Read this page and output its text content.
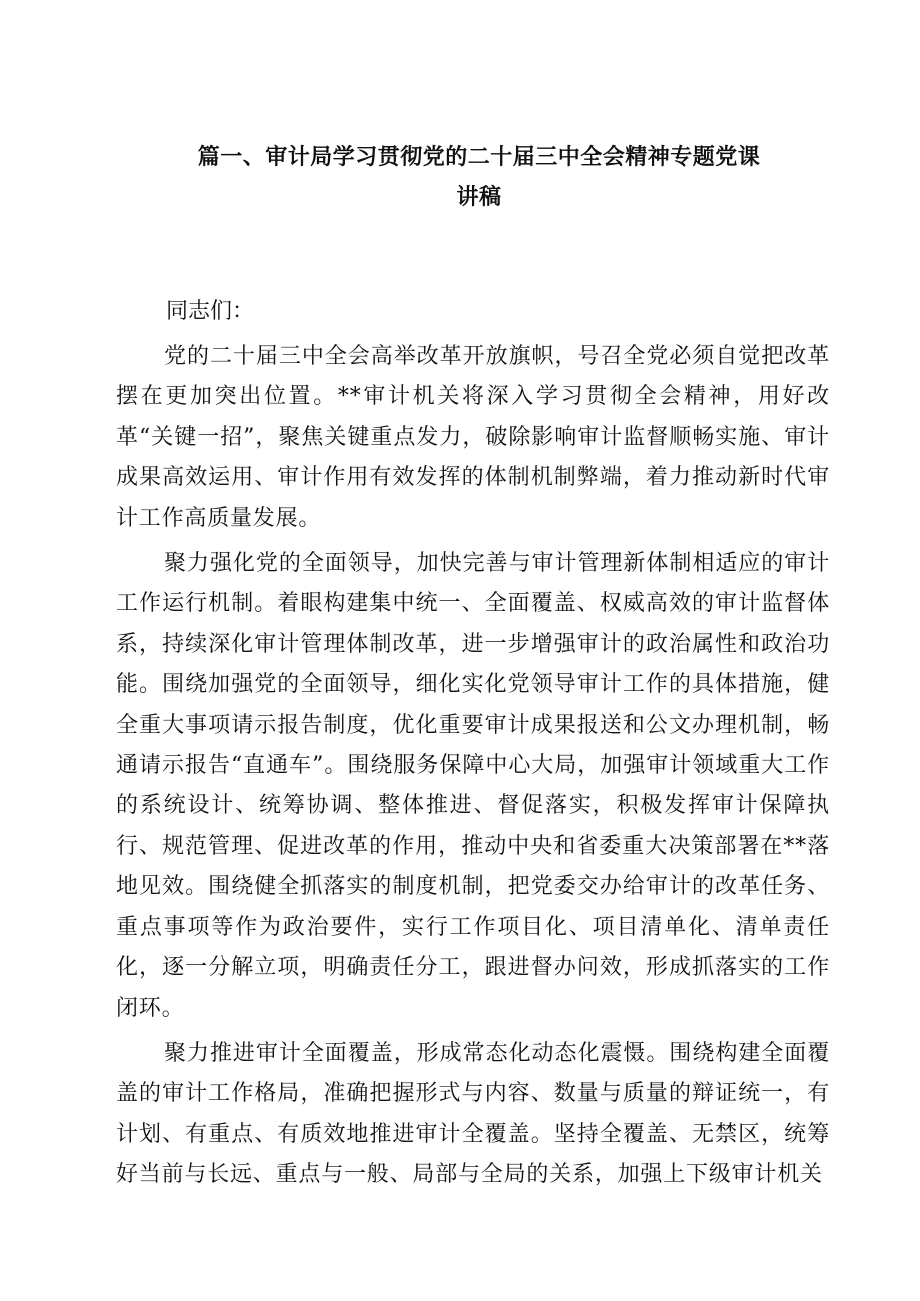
篇一、审计局学习贯彻党的二十届三中全会精神专题党课
讲稿

同志们：

党的二十届三中全会高举改革开放旗帜，号召全党必须自觉把改革摆在更加突出位置。**审计机关将深入学习贯彻全会精神，用好改革“关键一招”，聚焦关键重点发力，破除影响审计监督顺畅实施、审计成果高效运用、审计作用有效发挥的体制机制弊端，着力推动新时代审计工作高质量发展。

聚力强化党的全面领导，加快完善与审计管理新体制相适应的审计工作运行机制。着眼构建集中统一、全面覆盖、权威高效的审计监督体系，持续深化审计管理体制改革，进一步增强审计的政治属性和政治功能。围绕加强党的全面领导，细化实化党领导审计工作的具体措施，健全重大事项请示报告制度，优化重要审计成果报送和公文办理机制，畅通请示报告“直通车”。围绕服务保障中心大局，加强审计领域重大工作的系统设计、统筹协调、整体推进、督促落实，积极发挥审计保障执行、规范管理、促进改革的作用，推动中央和省委重大决策部署在**落地见效。围绕健全抓落实的制度机制，把党委交办给审计的改革任务、重点事项等作为政治要件，实行工作项目化、项目清单化、清单责任化，逐一分解立项，明确责任分工，跟进督办问效，形成抓落实的工作闭环。

聚力推进审计全面覆盖，形成常态化动态化震慑。围绕构建全面覆盖的审计工作格局，准确把握形式与内容、数量与质量的辩证统一，有计划、有重点、有质效地推进审计全覆盖。坚持全覆盖、无禁区，统筹好当前与长远、重点与一般、局部与全局的关系，加强上下级审计机关
